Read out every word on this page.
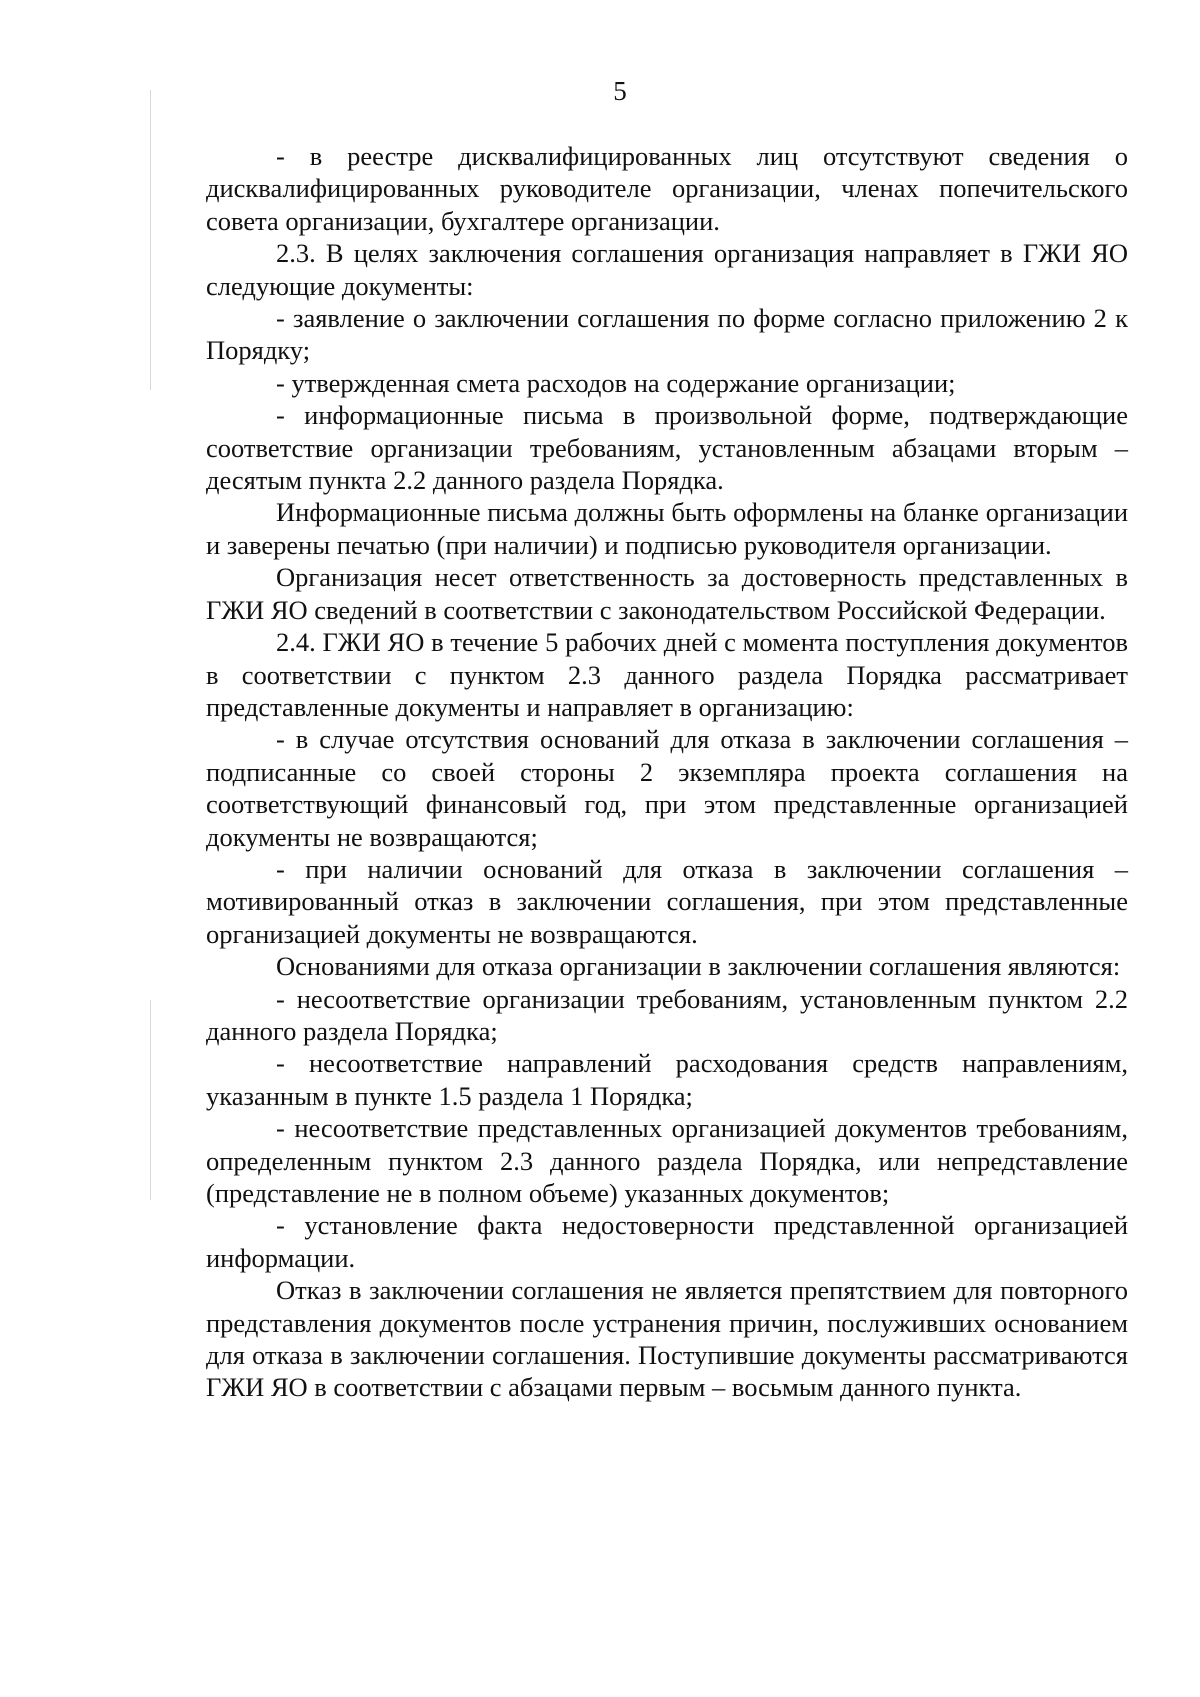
5

- в реестре дисквалифицированных лиц отсутствуют сведения о дисквалифицированных руководителе организации, членах попечительского совета организации, бухгалтере организации.

2.3. В целях заключения соглашения организация направляет в ГЖИ ЯО следующие документы:

- заявление о заключении соглашения по форме согласно приложению 2 к Порядку;

- утвержденная смета расходов на содержание организации;

- информационные письма в произвольной форме, подтверждающие соответствие организации требованиям, установленным абзацами вторым – десятым пункта 2.2 данного раздела Порядка.

Информационные письма должны быть оформлены на бланке организации и заверены печатью (при наличии) и подписью руководителя организации.

Организация несет ответственность за достоверность представленных в ГЖИ ЯО сведений в соответствии с законодательством Российской Федерации.

2.4. ГЖИ ЯО в течение 5 рабочих дней с момента поступления документов в соответствии с пунктом 2.3 данного раздела Порядка рассматривает представленные документы и направляет в организацию:

- в случае отсутствия оснований для отказа в заключении соглашения – подписанные со своей стороны 2 экземпляра проекта соглашения на соответствующий финансовый год, при этом представленные организацией документы не возвращаются;

- при наличии оснований для отказа в заключении соглашения – мотивированный отказ в заключении соглашения, при этом представленные организацией документы не возвращаются.

Основаниями для отказа организации в заключении соглашения являются:

- несоответствие организации требованиям, установленным пунктом 2.2 данного раздела Порядка;

- несоответствие направлений расходования средств направлениям, указанным в пункте 1.5 раздела 1 Порядка;

- несоответствие представленных организацией документов требованиям, определенным пунктом 2.3 данного раздела Порядка, или непредставление (представление не в полном объеме) указанных документов;

- установление факта недостоверности представленной организацией информации.

Отказ в заключении соглашения не является препятствием для повторного представления документов после устранения причин, послуживших основанием для отказа в заключении соглашения. Поступившие документы рассматриваются ГЖИ ЯО в соответствии с абзацами первым – восьмым данного пункта.
